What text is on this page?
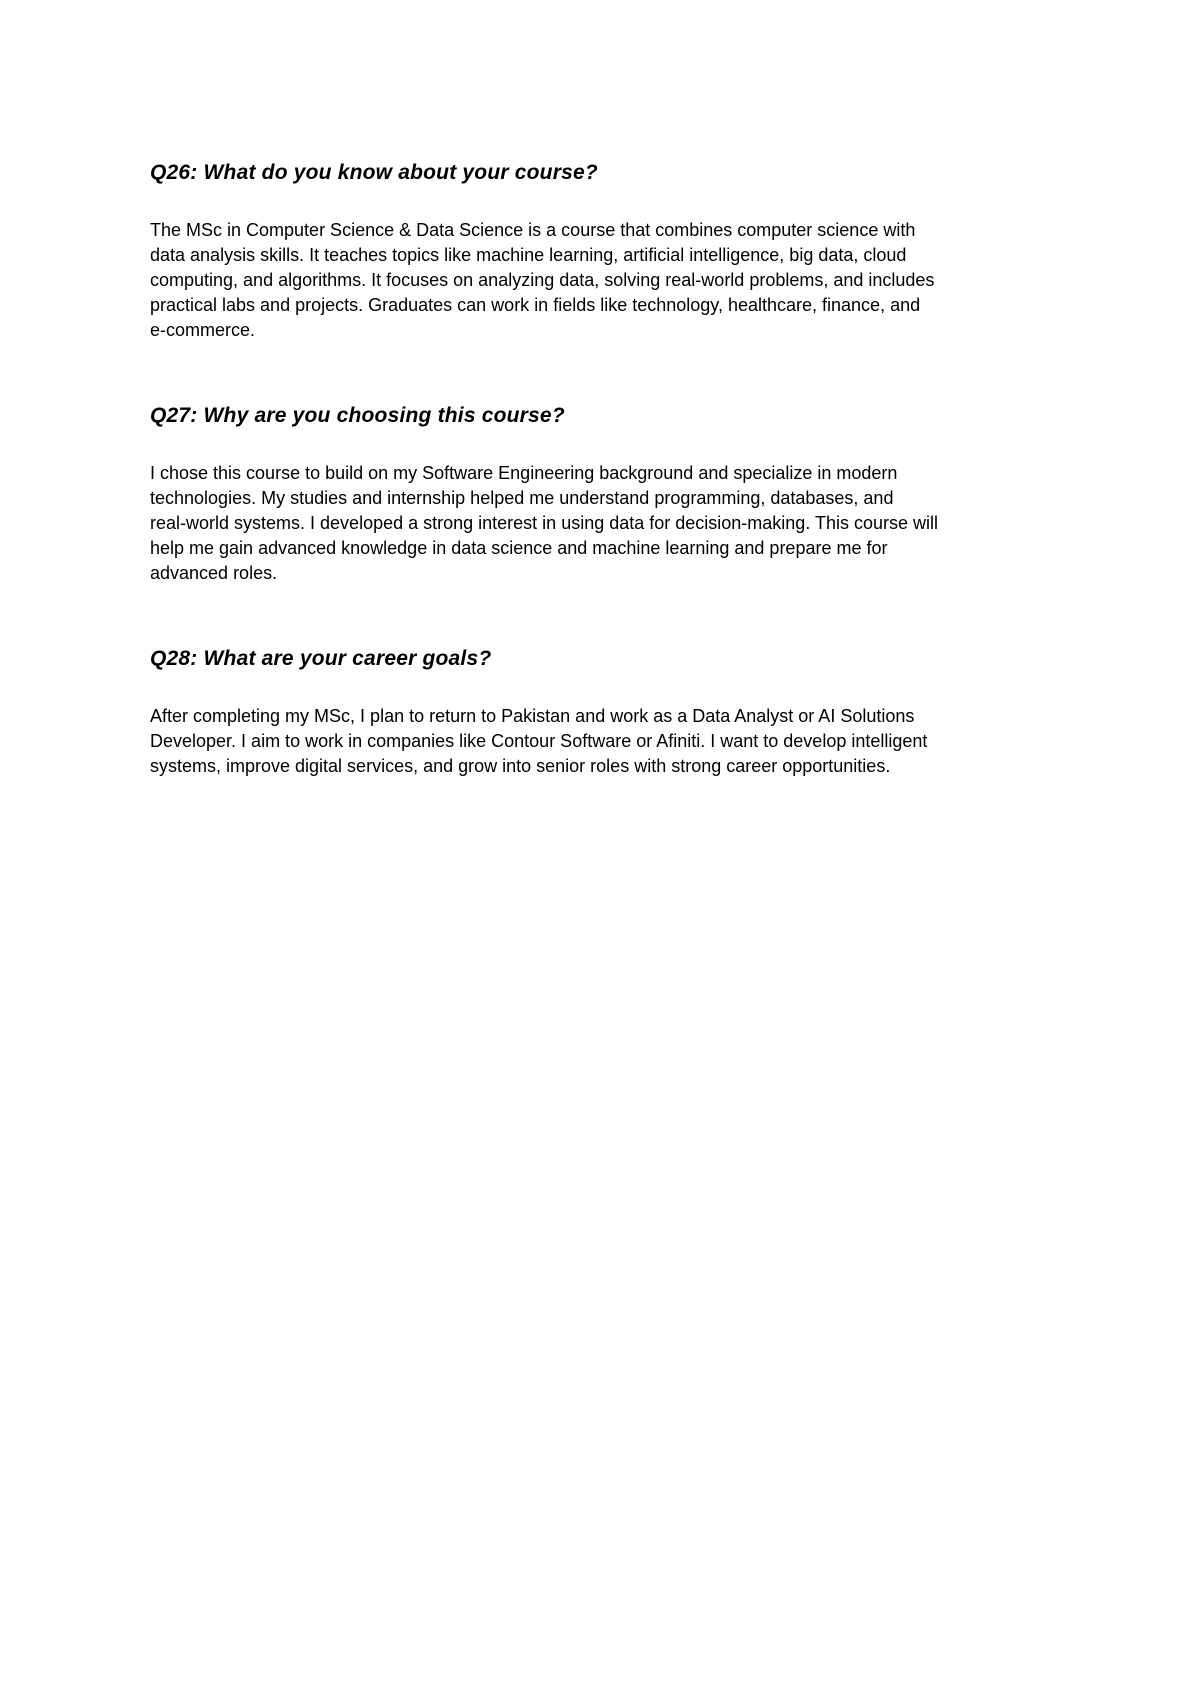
Q26: What do you know about your course?
The MSc in Computer Science & Data Science is a course that combines computer science with
data analysis skills. It teaches topics like machine learning, artificial intelligence, big data, cloud
computing, and algorithms. It focuses on analyzing data, solving real-world problems, and includes
practical labs and projects. Graduates can work in fields like technology, healthcare, finance, and
e-commerce.
Q27: Why are you choosing this course?
I chose this course to build on my Software Engineering background and specialize in modern
technologies. My studies and internship helped me understand programming, databases, and
real-world systems. I developed a strong interest in using data for decision-making. This course will
help me gain advanced knowledge in data science and machine learning and prepare me for
advanced roles.
Q28: What are your career goals?
After completing my MSc, I plan to return to Pakistan and work as a Data Analyst or AI Solutions
Developer. I aim to work in companies like Contour Software or Afiniti. I want to develop intelligent
systems, improve digital services, and grow into senior roles with strong career opportunities.
